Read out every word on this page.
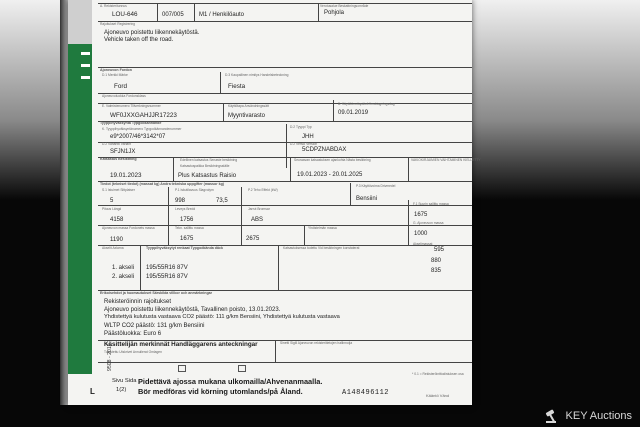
A. Rekisteritunnus	Verotusalue Beskattningsområde
LOU-646	007/005	M1 / Henkilöauto	Pohjola
Rajoitukset Registrering
Ajoneuvo poistettu liikennekäytöstä.
Vehicle taken off the road.
Ajoneuvon Fordon
D.1 Merkki Märke	D.3 Kaupallinen nimitys Handelsbeteckning
Ford	Fiesta
Ajoneuvoluokka Fordonsklass
E. Valmistenumero Tillverkningsnummer	Käyttötapa Användningssätt	B. Käyttöönottopäivä Ibruktagningsdag
WF0JXXGAHJJR17223	Myyntivarasto	09.01.2019
Tyyppihyväksyntä Typgodkännande
K. Tyyppihyväksyntänumero Typgodkännandenummer	D.2 Tyyppi Typ
e9*2007/46*3142*07	JHH
D.2 Variantti Variant	D.2 Versio Version
SFJN1JX	5CDPZNABDAX
Katsastus Besiktning	Edellinen katsastus Senaste besiktning	Seuraavan katsastuksen ajankohta Nästa besiktning	VAKIOKIRJAIMIEN VAIHTAMINEN KIELLETTY
Katsastuspaikka Besiktningsställe
19.01.2023	Plus Katsastus Raisio	19.01.2023 - 20.01.2025
Tiedot (tekniset tiedot) (massat kg) Andra tekniska uppgifter (massor kg)
S.1 Istuimet Sittplatser	P.1 Iskutilavuus Slagvolym	P.2 Teho Effekt (kW)
P.3 Käyttövoima Drivmedel
5	998	73,5	Bensiini
F.1 Suurin sallittu massa
1675
Pituus Längd	Leveys Bredd	Jarrut Bromsar
4158	1756	ABS
Ajoneuvon massa Fordonets massa	Tekn. sallittu massa	Yhdistelmän massa
G. Ajoneuvon massa
1190	1675	2675
1000
595
Akselit Axlarna	Tyyppihyväksytyt renkaat Typgodkända däck	Katsastuksessa todettu Vid besiktningen konstaterat
Akselimassat
1. akseli 195/55R16 87V
2. akseli 195/55R16 87V
880
835
Erikoisehdot ja huomautukset Särskilda villkor och anmärkningar
Rekisteröinnin rajoitukset
Ajoneuvo poistettu liikennekäytöstä, Tavallinen poisto, 13.01.2023.
Yhdistettyä kulutusta vastaava CO2 päästö: 111 g/km Bensiini, Yhdistettyä kulutusta vastaava
WLTP CO2 päästö: 131 g/km Bensiini
Päästöluokka: Euro 6
Käsittelijän merkinnät Handläggarens anteckningar
Tulostettu Utskrivet Annullerat Omlagen
Sinetti Sigill Ajoneuvon rekisteritietojen hallinnoija
* 0.1 = Rekisteröintitodistuksen osa
9508 - 2019
L
Sivu Sida
1(2)
Pidettävä ajossa mukana ulkomailla/Ahvenanmaalla.
Bör medföras vid körning utomlands/på Åland.	A148496112	Kääntö Vänd
KEY Auctions
